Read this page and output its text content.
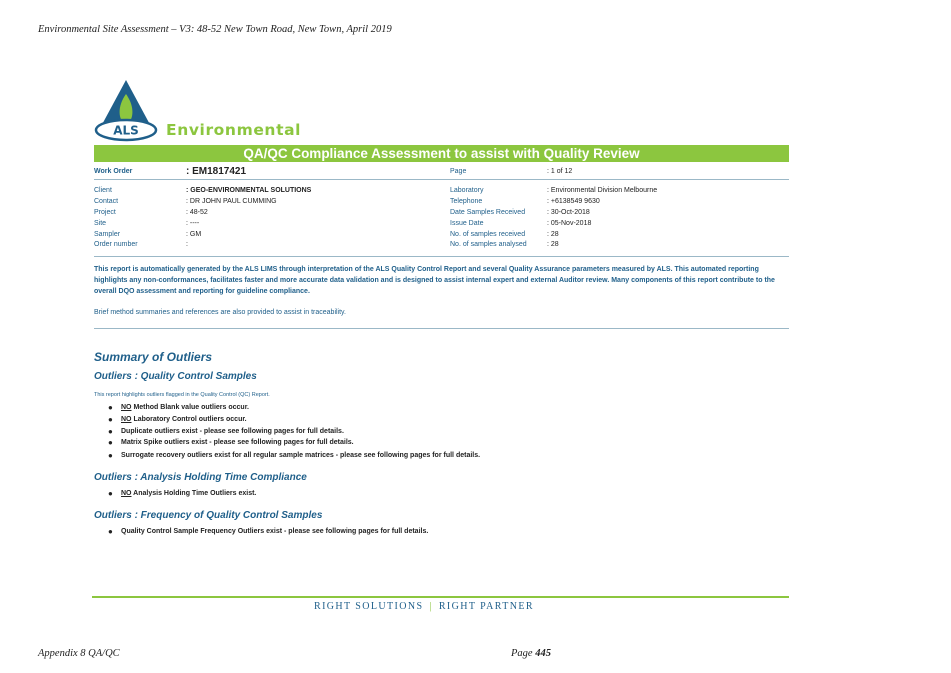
Environmental Site Assessment – V3: 48-52 New Town Road, New Town, April 2019
ALS Environmental
QA/QC Compliance Assessment to assist with Quality Review
Work Order	: EM1817421	Page	: 1 of 12
Client	: GEO-ENVIRONMENTAL SOLUTIONS
Contact	: DR JOHN PAUL CUMMING
Project	: 48-52
Site	: ----
Sampler	: GM
Order number	:
Laboratory	: Environmental Division Melbourne
Telephone	: +6138549 9630
Date Samples Received	: 30-Oct-2018
Issue Date	: 05-Nov-2018
No. of samples received	: 28
No. of samples analysed	: 28
This report is automatically generated by the ALS LIMS through interpretation of the ALS Quality Control Report and several Quality Assurance parameters measured by ALS. This automated reporting highlights any non-conformances, facilitates faster and more accurate data validation and is designed to assist internal expert and external Auditor review. Many components of this report contribute to the overall DQO assessment and reporting for guideline compliance.
Brief method summaries and references are also provided to assist in traceability.
Summary of Outliers
Outliers : Quality Control Samples
This report highlights outliers flagged in the Quality Control (QC) Report.
● NO Method Blank value outliers occur.
● NO Laboratory Control outliers occur.
● Duplicate outliers exist - please see following pages for full details.
● Matrix Spike outliers exist - please see following pages for full details.
● Surrogate recovery outliers exist for all regular sample matrices - please see following pages for full details.
Outliers : Analysis Holding Time Compliance
● NO Analysis Holding Time Outliers exist.
Outliers : Frequency of Quality Control Samples
● Quality Control Sample Frequency Outliers exist - please see following pages for full details.
RIGHT SOLUTIONS | RIGHT PARTNER
Appendix 8 QA/QC	Page 445
